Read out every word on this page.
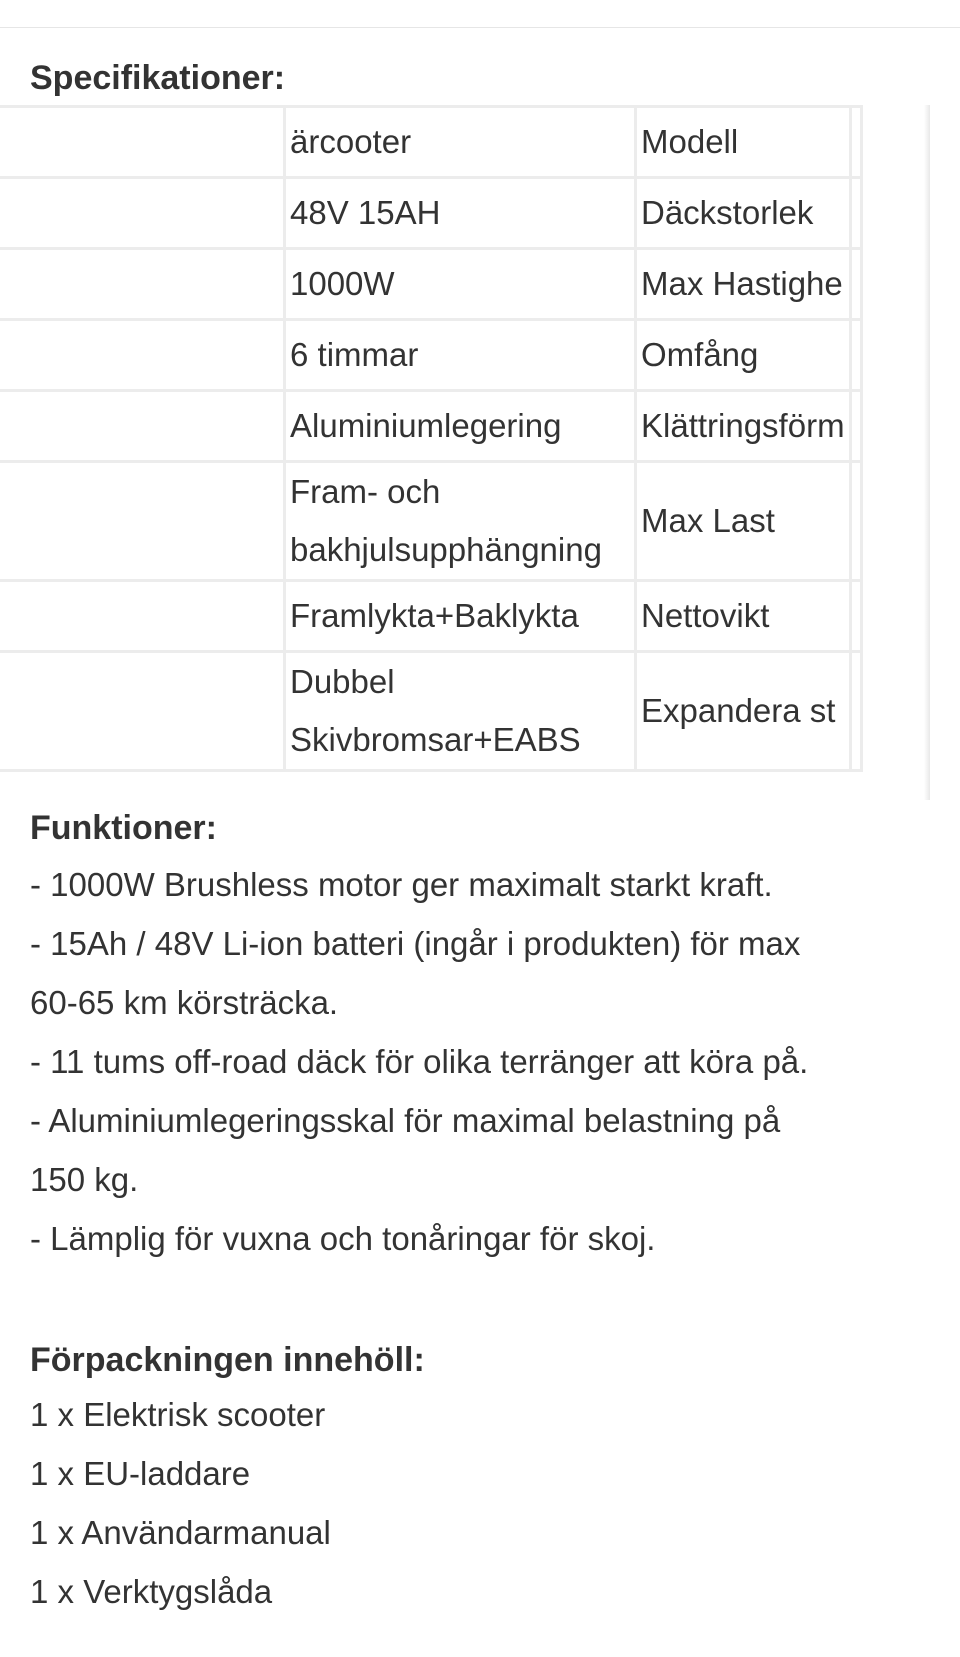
Specifikationer:
	ärcooter	Modell	
	48V 15AH	Däckstorlek	
	1000W	Max Hastighe	
	6 timmar	Omfång	
	Aluminiumlegering	Klättringsförm	
	Fram- och bakhjulsupphängning	Max Last	
	Framlykta+Baklykta	Nettovikt	
	Dubbel Skivbromsar+EABS	Expandera st	
Funktioner:
- 1000W Brushless motor ger maximalt starkt kraft.
- 15Ah / 48V Li-ion batteri (ingår i produkten) för max
60-65 km körsträcka.
- 11 tums off-road däck för olika terränger att köra på.
- Aluminiumlegeringsskal för maximal belastning på
150 kg.
- Lämplig för vuxna och tonåringar för skoj.
Förpackningen innehöll:
1 x Elektrisk scooter
1 x EU-laddare
1 x Användarmanual
1 x Verktygslåda
